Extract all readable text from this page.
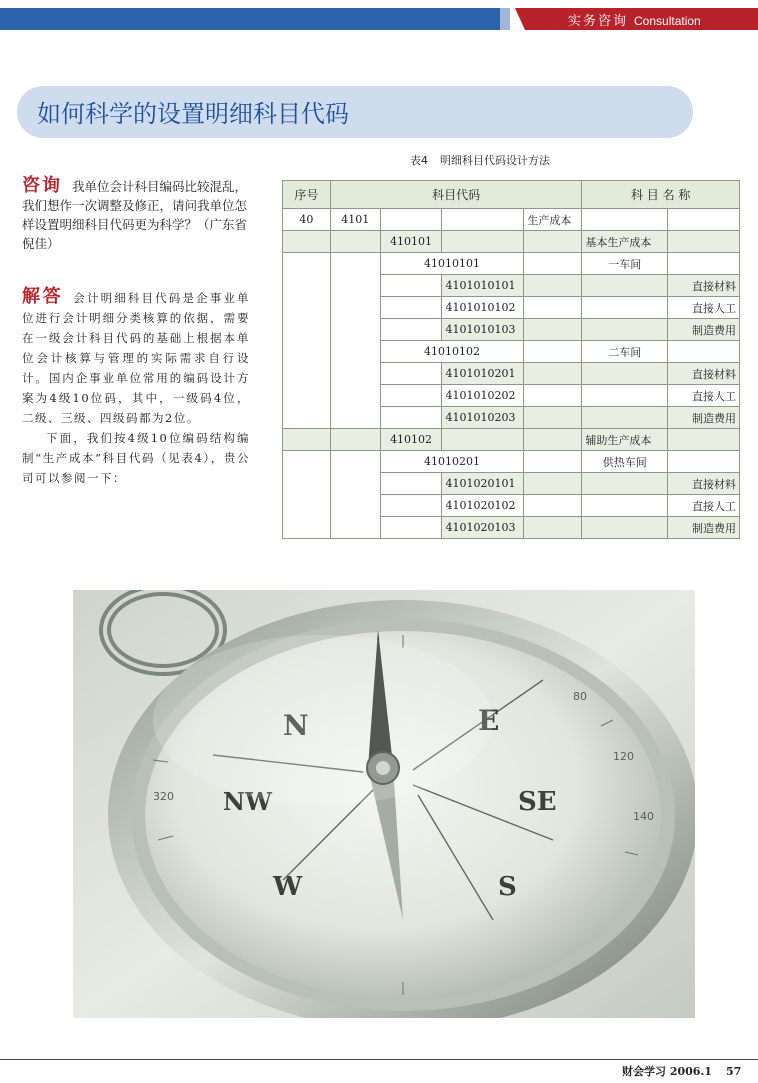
实务咨询 Consultation
如何科学的设置明细科目代码

咨询 我单位会计科目编码比较混乱，我们想作一次调整及修正，请问我单位怎样设置明细科目代码更为科学？（广东省　倪佳）

解答 会计明细科目代码是企事业单位进行会计明细分类核算的依据，需要在一级会计科目代码的基础上根据本单位会计核算与管理的实际需求自行设计。国内企事业单位常用的编码设计方案为4级10位码，其中，一级码4位，二级、三级、四级码都为2位。

下面，我们按4级10位编码结构编制“生产成本”科目代码（见表4），贵公司可以参阅一下：

表4 明细科目代码设计方法
序号	科目代码				科 目 名 称	
40	4101			生产成本		
		410101			基本生产成本	
		41010101			一车间	
			4101010101			直接材料
			4101010102			直接人工
			4101010103			制造费用
		41010102			二车间	
			4101010201			直接材料
			4101010202			直接人工
			4101010203			制造费用
		410102			辅助生产成本	
		41010201			供热车间	
			4101020101			直接材料
			4101020102			直接人工
			4101020103			制造费用
N	E
SE
S
NW
W
320
120
140
80
财会学习 2006.1 57
